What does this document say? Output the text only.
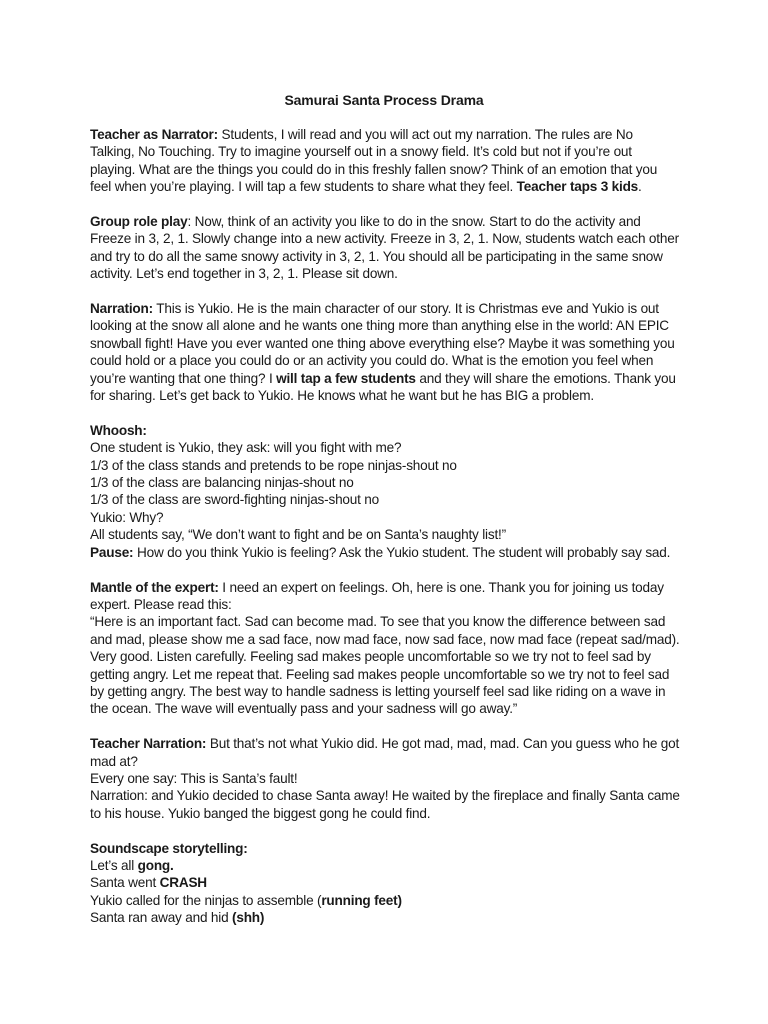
Samurai Santa Process Drama

Teacher as Narrator: Students, I will read and you will act out my narration. The rules are No Talking, No Touching. Try to imagine yourself out in a snowy field. It’s cold but not if you’re out playing. What are the things you could do in this freshly fallen snow? Think of an emotion that you feel when you’re playing. I will tap a few students to share what they feel. Teacher taps 3 kids.

Group role play: Now, think of an activity you like to do in the snow. Start to do the activity and Freeze in 3, 2, 1. Slowly change into a new activity. Freeze in 3, 2, 1. Now, students watch each other and try to do all the same snowy activity in 3, 2, 1. You should all be participating in the same snow activity. Let’s end together in 3, 2, 1. Please sit down.

Narration: This is Yukio. He is the main character of our story. It is Christmas eve and Yukio is out looking at the snow all alone and he wants one thing more than anything else in the world: AN EPIC snowball fight! Have you ever wanted one thing above everything else? Maybe it was something you could hold or a place you could do or an activity you could do. What is the emotion you feel when you’re wanting that one thing? I will tap a few students and they will share the emotions. Thank you for sharing. Let’s get back to Yukio. He knows what he want but he has BIG a problem.

Whoosh:
One student is Yukio, they ask: will you fight with me?
1/3 of the class stands and pretends to be rope ninjas-shout no
1/3 of the class are balancing ninjas-shout no
1/3 of the class are sword-fighting ninjas-shout no
Yukio: Why?
All students say, “We don’t want to fight and be on Santa’s naughty list!”
Pause: How do you think Yukio is feeling? Ask the Yukio student. The student will probably say sad.
Mantle of the expert: I need an expert on feelings. Oh, here is one. Thank you for joining us today expert. Please read this:
“Here is an important fact. Sad can become mad. To see that you know the difference between sad and mad, please show me a sad face, now mad face, now sad face, now mad face (repeat sad/mad). Very good. Listen carefully. Feeling sad makes people uncomfortable so we try not to feel sad by getting angry. Let me repeat that. Feeling sad makes people uncomfortable so we try not to feel sad by getting angry. The best way to handle sadness is letting yourself feel sad like riding on a wave in the ocean. The wave will eventually pass and your sadness will go away.”
Teacher Narration: But that’s not what Yukio did. He got mad, mad, mad. Can you guess who he got mad at?
Every one say: This is Santa’s fault!
Narration: and Yukio decided to chase Santa away! He waited by the fireplace and finally Santa came to his house. Yukio banged the biggest gong he could find.
Soundscape storytelling:
Let’s all gong.
Santa went CRASH
Yukio called for the ninjas to assemble (running feet)
Santa ran away and hid (shh)
